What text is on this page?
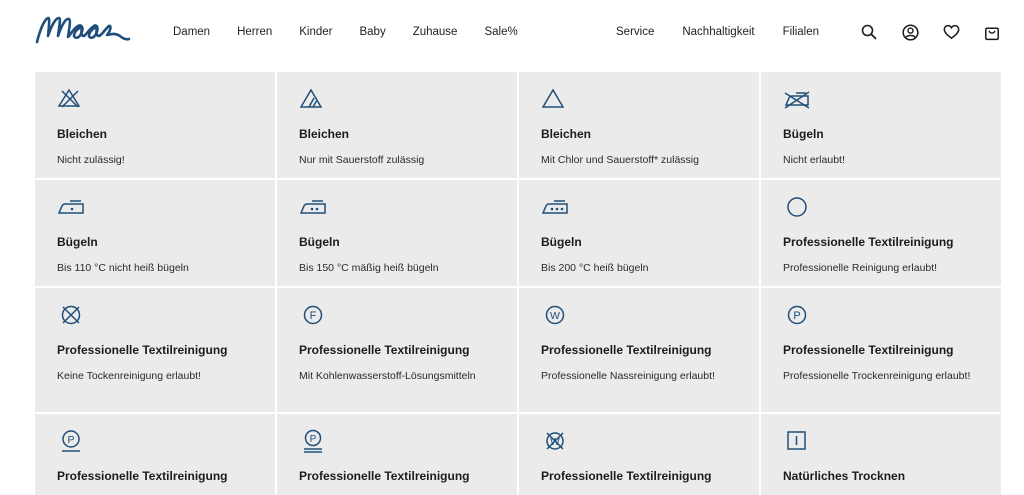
Damen Herren Kinder Baby Zuhause Sale%	Service Nachhaltigkeit Filialen
Bleichen
Nicht zulässig!
Bleichen
Nur mit Sauerstoff zulässig
Bleichen
Mit Chlor und Sauerstoff* zulässig
Bügeln
Nicht erlaubt!
Bügeln
Bis 110 °C nicht heiß bügeln
Bügeln
Bis 150 °C mäßig heiß bügeln
Bügeln
Bis 200 °C heiß bügeln
Professionelle Textilreinigung
Professionelle Reinigung erlaubt!
Professionelle Textilreinigung
Keine Tockenreinigung erlaubt!
F
Professionelle Textilreinigung
Mit Kohlenwasserstoff-Lösungsmitteln
W
Professionelle Textilreinigung
Professionelle Nassreinigung erlaubt!
P
Professionelle Textilreinigung
Professionelle Trockenreinigung erlaubt!
P
Professionelle Textilreinigung
P
Professionelle Textilreinigung
W
Professionelle Textilreinigung	Natürliches Trocknen
